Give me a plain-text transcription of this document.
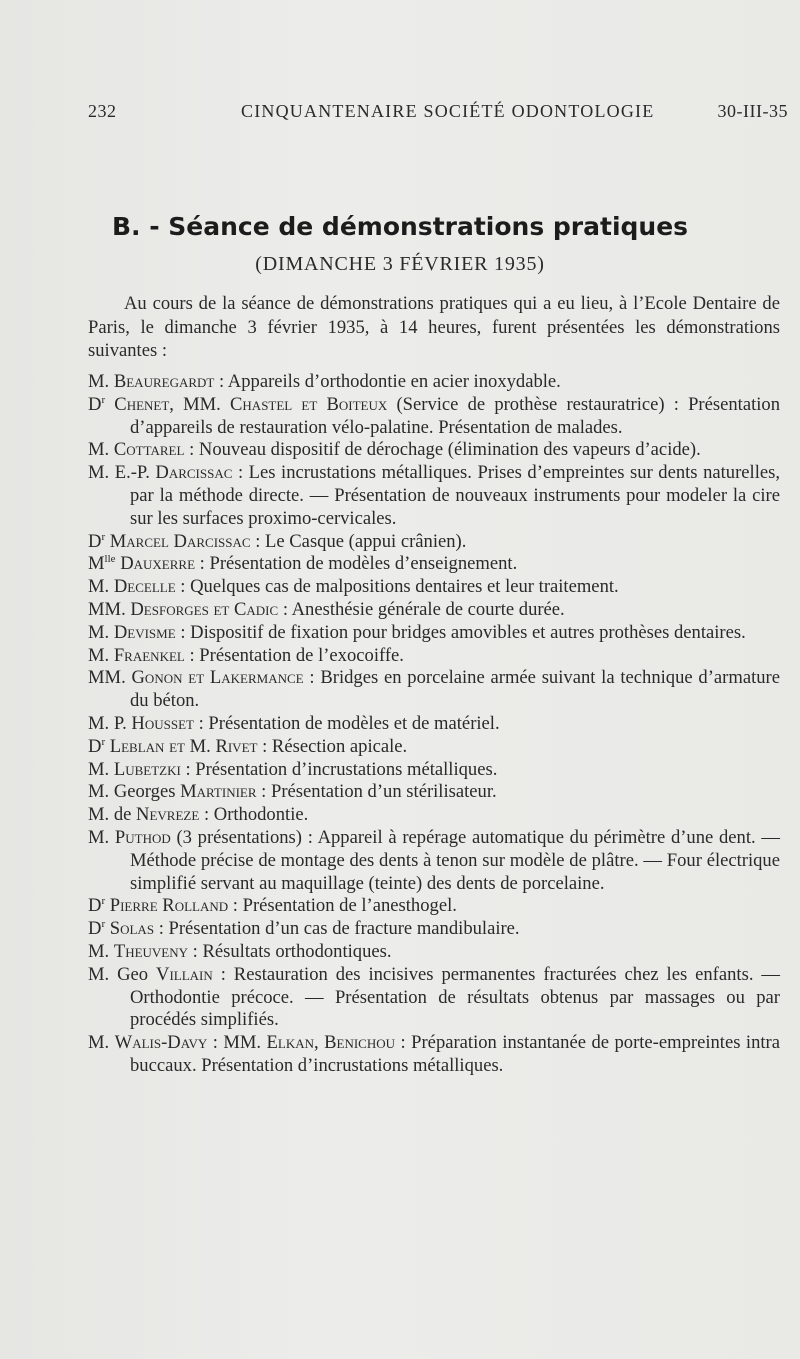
232	CINQUANTENAIRE SOCIÉTÉ ODONTOLOGIE	30-III-35
B. - Séance de démonstrations pratiques
(DIMANCHE 3 FÉVRIER 1935)

Au cours de la séance de démonstrations pratiques qui a eu lieu, à l’Ecole Dentaire de Paris, le dimanche 3 février 1935, à 14 heures, furent présentées les démonstrations suivantes :

M. Beauregardt : Appareils d’orthodontie en acier inoxydable.

$D^r$ Chenet, MM. Chastel et Boiteux (Service de prothèse restauratrice) : Présentation d’appareils de restauration vélo-palatine. Présentation de malades.

M. Cottarel : Nouveau dispositif de dérochage (élimination des vapeurs d’acide).

M. E.-P. Darcissac : Les incrustations métalliques. Prises d’empreintes sur dents naturelles, par la méthode directe. — Présentation de nouveaux instruments pour modeler la cire sur les surfaces proximo-cervicales.

$D^r$ Marcel Darcissac : Le Casque (appui crânien).

$M^{lle}$ Dauxerre : Présentation de modèles d’enseignement.

M. Decelle : Quelques cas de malpositions dentaires et leur traitement.

MM. Desforges et Cadic : Anesthésie générale de courte durée.

M. Devisme : Dispositif de fixation pour bridges amovibles et autres prothèses dentaires.

M. Fraenkel : Présentation de l’exocoiffe.

MM. Gonon et Lakermance : Bridges en porcelaine armée suivant la technique d’armature du béton.

M. P. Housset : Présentation de modèles et de matériel.

$D^r$ Leblan et M. Rivet : Résection apicale.

M. Lubetzki : Présentation d’incrustations métalliques.

M. Georges Martinier : Présentation d’un stérilisateur.

M. de Nevreze : Orthodontie.

M. Puthod (3 présentations) : Appareil à repérage automatique du périmètre d’une dent. — Méthode précise de montage des dents à tenon sur modèle de plâtre. — Four électrique simplifié servant au maquillage (teinte) des dents de porcelaine.

$D^r$ Pierre Rolland : Présentation de l’anesthogel.

$D^r$ Solas : Présentation d’un cas de fracture mandibulaire.

M. Theuveny : Résultats orthodontiques.

M. Geo Villain : Restauration des incisives permanentes fracturées chez les enfants. — Orthodontie précoce. — Présentation de résultats obtenus par massages ou par procédés simplifiés.

M. Walis-Davy : MM. Elkan, Benichou : Préparation instantanée de porte-empreintes intra buccaux. Présentation d’incrustations métalliques.
